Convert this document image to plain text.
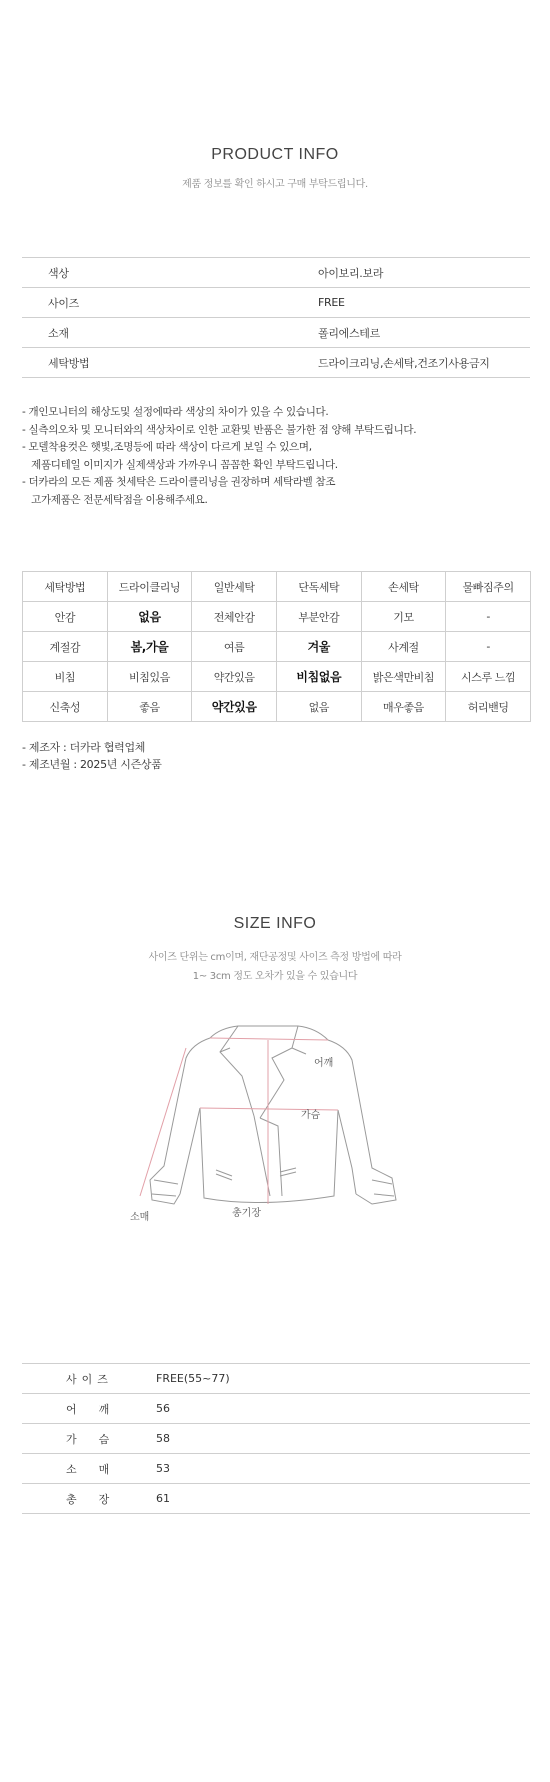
PRODUCT INFO
제품 정보를 확인 하시고 구매 부탁드립니다.
색상	아이보리.보라
사이즈	FREE
소재	폴리에스테르
세탁방법	드라이크리닝,손세탁,건조기사용금지
- 개인모니터의 해상도및 설정에따라 색상의 차이가 있을 수 있습니다.
- 실측의오차 및 모니터와의 색상차이로 인한 교환및 반품은 불가한 점 양해 부탁드립니다.
- 모델착용컷은 햇빛,조명등에 따라 색상이 다르게 보일 수 있으며,
제품디테일 이미지가 실제색상과 가까우니 꼼꼼한 확인 부탁드립니다.
- 더카라의 모든 제품 첫세탁은 드라이클리닝을 권장하며 세탁라벨 참조
고가제품은 전문세탁점을 이용해주세요.
세탁방법	드라이클리닝	일반세탁	단독세탁	손세탁	물빠짐주의
안감	없음	전체안감	부분안감	기모	-
계절감	봄,가을	여름	겨울	사계절	-
비침	비침있음	약간있음	비침없음	밝은색만비침	시스루 느낌
신축성	좋음	약간있음	없음	매우좋음	허리밴딩
- 제조자 : 더카라 협력업체
- 제조년월 : 2025년 시즌상품
SIZE INFO
사이즈 단위는 cm이며, 재단공정및 사이즈 측정 방법에 따라
1~ 3cm 정도 오차가 있을 수 있습니다
어깨
가슴
소매	총기장
사이즈	FREE(55~77)
어깨	56
가슴	58
소매	53
총장	61
